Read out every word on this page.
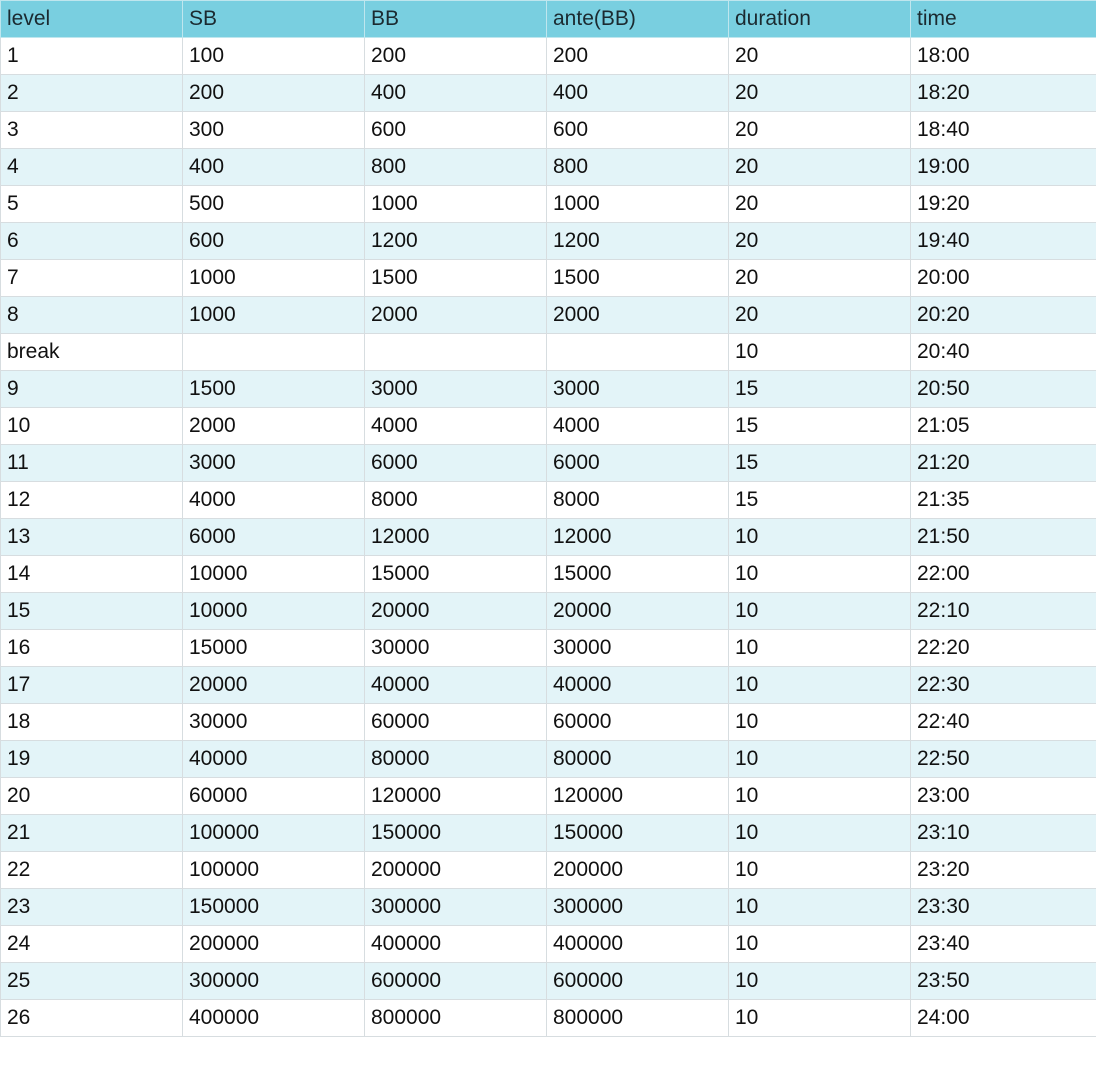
level	SB	BB	ante(BB)	duration	time
1	100	200	200	20	18:00
2	200	400	400	20	18:20
3	300	600	600	20	18:40
4	400	800	800	20	19:00
5	500	1000	1000	20	19:20
6	600	1200	1200	20	19:40
7	1000	1500	1500	20	20:00
8	1000	2000	2000	20	20:20
break				10	20:40
9	1500	3000	3000	15	20:50
10	2000	4000	4000	15	21:05
11	3000	6000	6000	15	21:20
12	4000	8000	8000	15	21:35
13	6000	12000	12000	10	21:50
14	10000	15000	15000	10	22:00
15	10000	20000	20000	10	22:10
16	15000	30000	30000	10	22:20
17	20000	40000	40000	10	22:30
18	30000	60000	60000	10	22:40
19	40000	80000	80000	10	22:50
20	60000	120000	120000	10	23:00
21	100000	150000	150000	10	23:10
22	100000	200000	200000	10	23:20
23	150000	300000	300000	10	23:30
24	200000	400000	400000	10	23:40
25	300000	600000	600000	10	23:50
26	400000	800000	800000	10	24:00
